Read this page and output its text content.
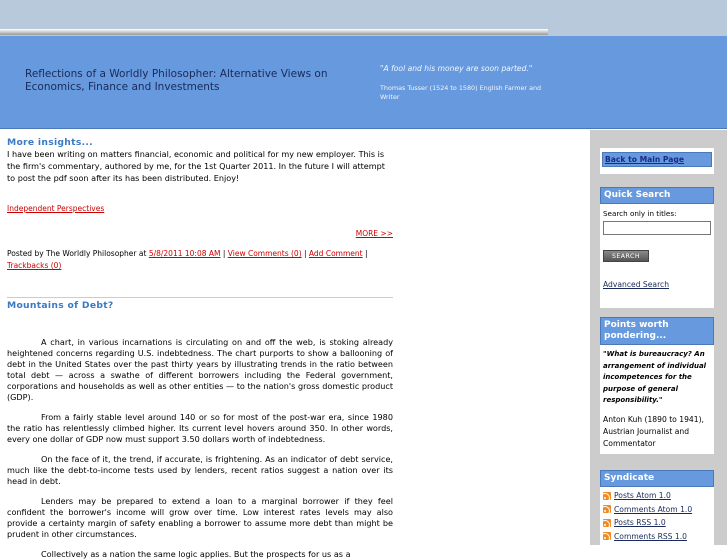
Reflections of a Worldly Philosopher: Alternative Views on Economics, Finance and Investments
"A fool and his money are soon parted."
Thomas Tusser (1524 to 1580) English Farmer and Writer
More insights...
I have been writing on matters financial, economic and political for my new employer. This is the firm's commentary, authored by me, for the 1st Quarter 2011. In the future I will attempt to post the pdf soon after its has been distributed. Enjoy!
Independent Perspectives
MORE >>
Posted by The Worldly Philosopher at 5/8/2011 10:08 AM | View Comments (0) | Add Comment | Trackbacks (0)
Mountains of Debt?

A chart, in various incarnations is circulating on and off the web, is stoking already heightened concerns regarding U.S. indebtedness. The chart purports to show a ballooning of debt in the United States over the past thirty years by illustrating trends in the ratio between total debt — across a swathe of different borrowers including the Federal government, corporations and households as well as other entities — to the nation's gross domestic product (GDP).

From a fairly stable level around 140 or so for most of the post-war era, since 1980 the ratio has relentlessly climbed higher. Its current level hovers around 350. In other words, every one dollar of GDP now must support 3.50 dollars worth of indebtedness.

On the face of it, the trend, if accurate, is frightening. As an indicator of debt service, much like the debt-to-income tests used by lenders, recent ratios suggest a nation over its head in debt.

Lenders may be prepared to extend a loan to a marginal borrower if they feel confident the borrower's income will grow over time. Low interest rates levels may also provide a certainty margin of safety enabling a borrower to assume more debt than might be prudent in other circumstances.

Collectively as a nation the same logic applies. But the prospects for us as a

Back to Main Page
Quick Search
Search only in titles:
SEARCH
Advanced Search
Points worth pondering...
"What is bureaucracy? An arrangement of individual incompetences for the purpose of general responsibility."
Anton Kuh (1890 to 1941), Austrian Journalist and Commentator
Syndicate
Posts Atom 1.0
Comments Atom 1.0
Posts RSS 1.0
Comments RSS 1.0
